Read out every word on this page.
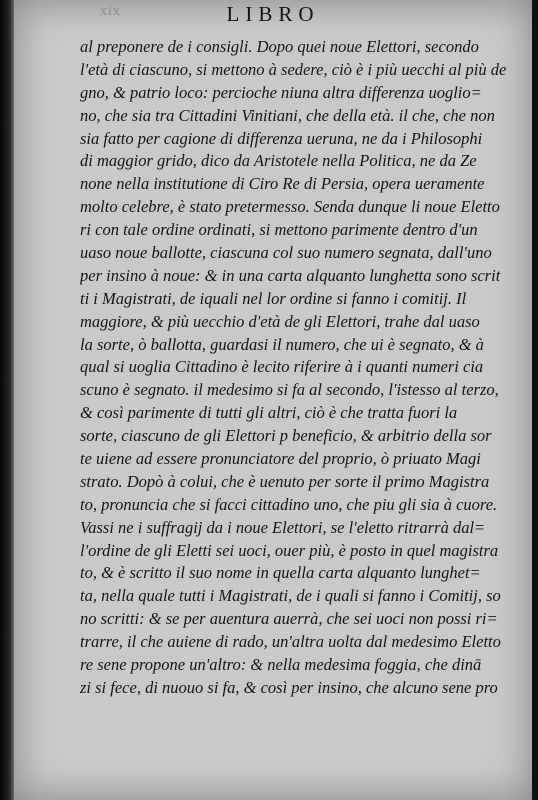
xix	LIBRO
al preponere de i consigli. Dopo quei noue Elettori, secondo
l'età di ciascuno, si mettono à sedere, ciò è i più uecchi al più de
gno, & patrio loco: percioche niuna altra differenza uoglio=
no, che sia tra Cittadini Vinitiani, che della età. il che, che non
sia fatto per cagione di differenza ueruna, ne da i Philosophi
di maggior grido, dico da Aristotele nella Politica, ne da Ze
none nella institutione di Ciro Re di Persia, opera ueramente
molto celebre, è stato pretermesso. Senda dunque li noue Eletto
ri con tale ordine ordinati, si mettono parimente dentro d'un
uaso noue ballotte, ciascuna col suo numero segnata, dall'uno
per insino à noue: & in una carta alquanto lunghetta sono scrit
ti i Magistrati, de iquali nel lor ordine si fanno i comitij. Il
maggiore, & più uecchio d'età de gli Elettori, trahe dal uaso
la sorte, ò ballotta, guardasi il numero, che ui è segnato, & à
qual si uoglia Cittadino è lecito riferire à i quanti numeri cia
scuno è segnato. il medesimo si fa al secondo, l'istesso al terzo,
& così parimente di tutti gli altri, ciò è che tratta fuori la
sorte, ciascuno de gli Elettori p beneficio, & arbitrio della sor
te uiene ad essere pronunciatore del proprio, ò priuato Magi
strato. Dopò à colui, che è uenuto per sorte il primo Magistra
to, pronuncia che si facci cittadino uno, che piu gli sia à cuore.
Vassi ne i suffragij da i noue Elettori, se l'eletto ritrarrà dal=
l'ordine de gli Eletti sei uoci, ouer più, è posto in quel magistra
to, & è scritto il suo nome in quella carta alquanto lunghet=
ta, nella quale tutti i Magistrati, de i quali si fanno i Comitij, so
no scritti: & se per auentura auerrà, che sei uoci non possi ri=
trarre, il che auiene di rado, un'altra uolta dal medesimo Eletto
re sene propone un'altro: & nella medesima foggia, che dinā
zi si fece, di nuouo si fa, & così per insino, che alcuno sene pro
